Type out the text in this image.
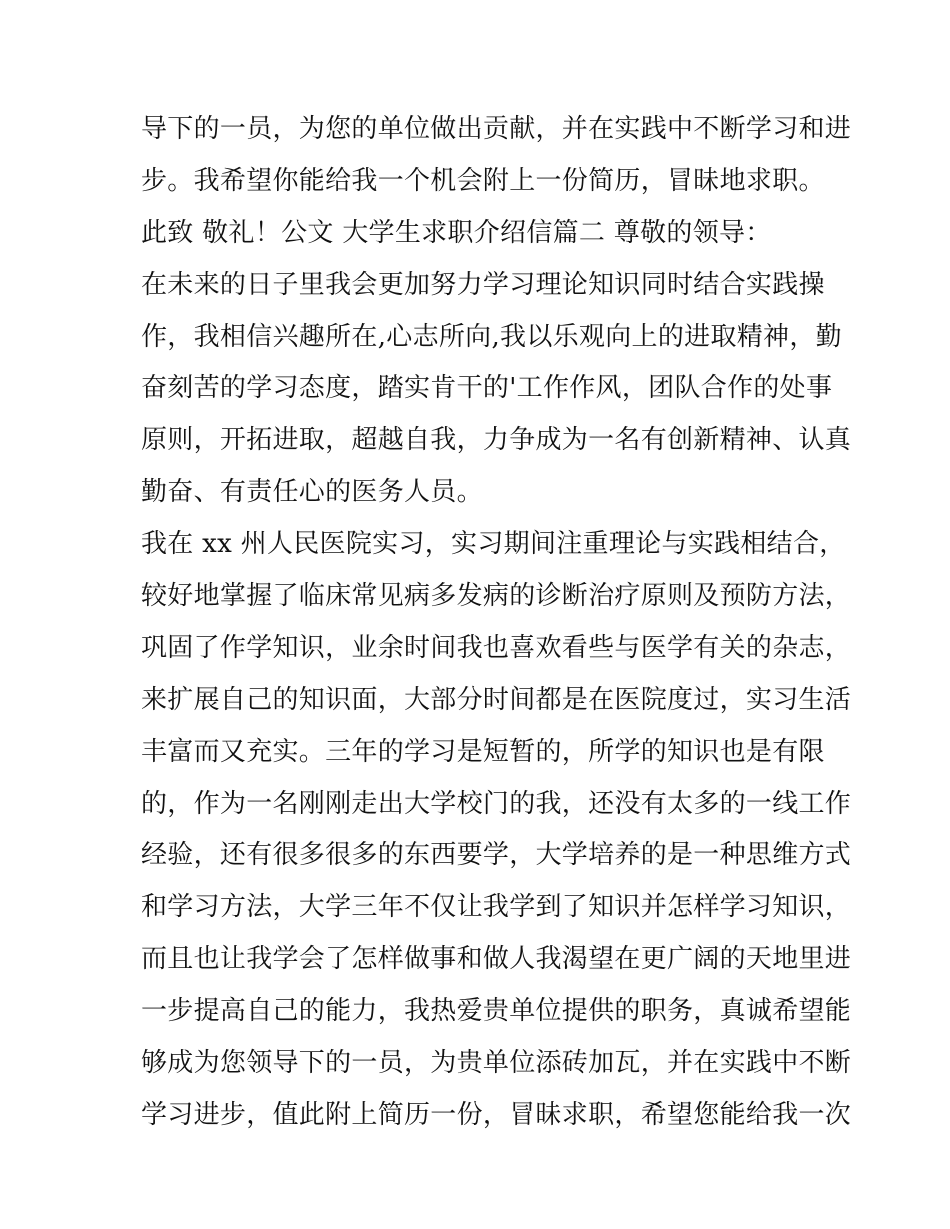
导下的一员，为您的单位做出贡献，并在实践中不断学习和进
步。我希望你能给我一个机会附上一份简历，冒昧地求职。
此致 敬礼！公文 大学生求职介绍信篇二 尊敬的领导：
在未来的日子里我会更加努力学习理论知识同时结合实践操
作，我相信兴趣所在,心志所向,我以乐观向上的进取精神，勤
奋刻苦的学习态度，踏实肯干的'工作作风，团队合作的处事
原则，开拓进取，超越自我，力争成为一名有创新精神、认真
勤奋、有责任心的医务人员。
我在 xx 州人民医院实习，实习期间注重理论与实践相结合，
较好地掌握了临床常见病多发病的诊断治疗原则及预防方法，
巩固了作学知识，业余时间我也喜欢看些与医学有关的杂志，
来扩展自己的知识面，大部分时间都是在医院度过，实习生活
丰富而又充实。三年的学习是短暂的，所学的知识也是有限
的，作为一名刚刚走出大学校门的我，还没有太多的一线工作
经验，还有很多很多的东西要学，大学培养的是一种思维方式
和学习方法，大学三年不仅让我学到了知识并怎样学习知识，
而且也让我学会了怎样做事和做人我渴望在更广阔的天地里进
一步提高自己的能力，我热爱贵单位提供的职务，真诚希望能
够成为您领导下的一员，为贵单位添砖加瓦，并在实践中不断
学习进步，值此附上简历一份，冒昧求职，希望您能给我一次
